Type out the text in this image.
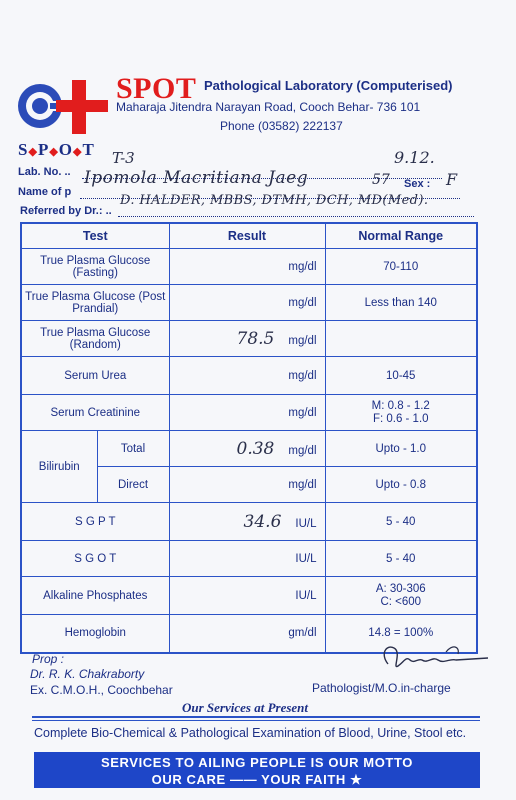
SPOT Pathological Laboratory (Computerised)
Maharaja Jitendra Narayan Road, Cooch Behar- 736 101
Phone (03582) 222137
S◆P◆O◆T
Lab. No. ..
T-3	9.12.
Name of p
Ipomola Macritiana Jaeg	57 Sex : F
Referred by Dr.: ..
D. HALDER, MBBS, DTMH, DCH, MD(Med).
Test		Result	Normal Range
True Plasma Glucose (Fasting)		mg/dl	70-110
True Plasma Glucose (Post Prandial)		mg/dl	Less than 140
True Plasma Glucose (Random)		78.5 mg/dl	
Serum Urea		mg/dl	10-45
Serum Creatinine		mg/dl	M: 0.8 - 1.2
F: 0.6 - 1.0

Bilirubin	Total	0.38 mg/dl	Upto - 1.0
	Direct	mg/dl	Upto - 0.8
S G P T		34.6 IU/L	5 - 40
S G O T		IU/L	5 - 40
Alkaline Phosphates		IU/L	A: 30-306
C: <600

Hemoglobin		gm/dl	14.8 = 100%
Prop :
Dr. R. K. Chakraborty
Ex. C.M.O.H., Coochbehar	Pathologist/M.O.in-charge
Our Services at Present
Complete Bio-Chemical & Pathological Examination of Blood, Urine, Stool etc.
SERVICES TO AILING PEOPLE IS OUR MOTTO
OUR CARE —— YOUR FAITH ★
